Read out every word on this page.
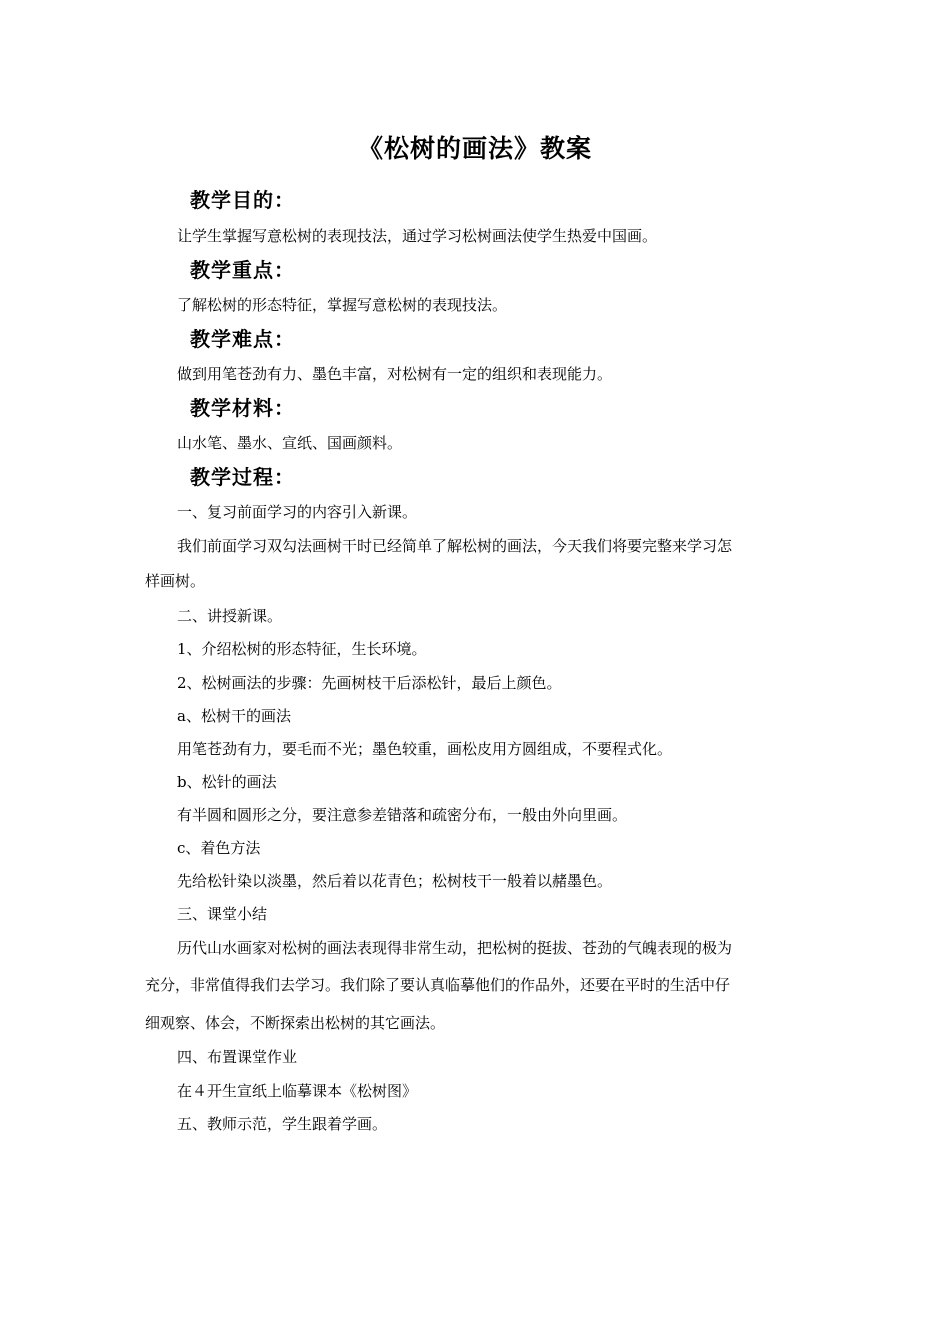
《松树的画法》教案
教学目的：
让学生掌握写意松树的表现技法，通过学习松树画法使学生热爱中国画。
教学重点：
了解松树的形态特征，掌握写意松树的表现技法。
教学难点：
做到用笔苍劲有力、墨色丰富，对松树有一定的组织和表现能力。
教学材料：
山水笔、墨水、宣纸、国画颜料。
教学过程：
一、复习前面学习的内容引入新课。
我们前面学习双勾法画树干时已经简单了解松树的画法，今天我们将要完整来学习怎
样画树。
二、讲授新课。
1、介绍松树的形态特征，生长环境。
2、松树画法的步骤：先画树枝干后添松针，最后上颜色。
a、松树干的画法
用笔苍劲有力，要毛而不光；墨色较重，画松皮用方圆组成，不要程式化。
b、松针的画法
有半圆和圆形之分，要注意参差错落和疏密分布，一般由外向里画。
c、着色方法
先给松针染以淡墨，然后着以花青色；松树枝干一般着以赭墨色。
三、课堂小结
历代山水画家对松树的画法表现得非常生动，把松树的挺拔、苍劲的气魄表现的极为
充分，非常值得我们去学习。我们除了要认真临摹他们的作品外，还要在平时的生活中仔
细观察、体会，不断探索出松树的其它画法。
四、布置课堂作业
在４开生宣纸上临摹课本《松树图》
五、教师示范，学生跟着学画。
